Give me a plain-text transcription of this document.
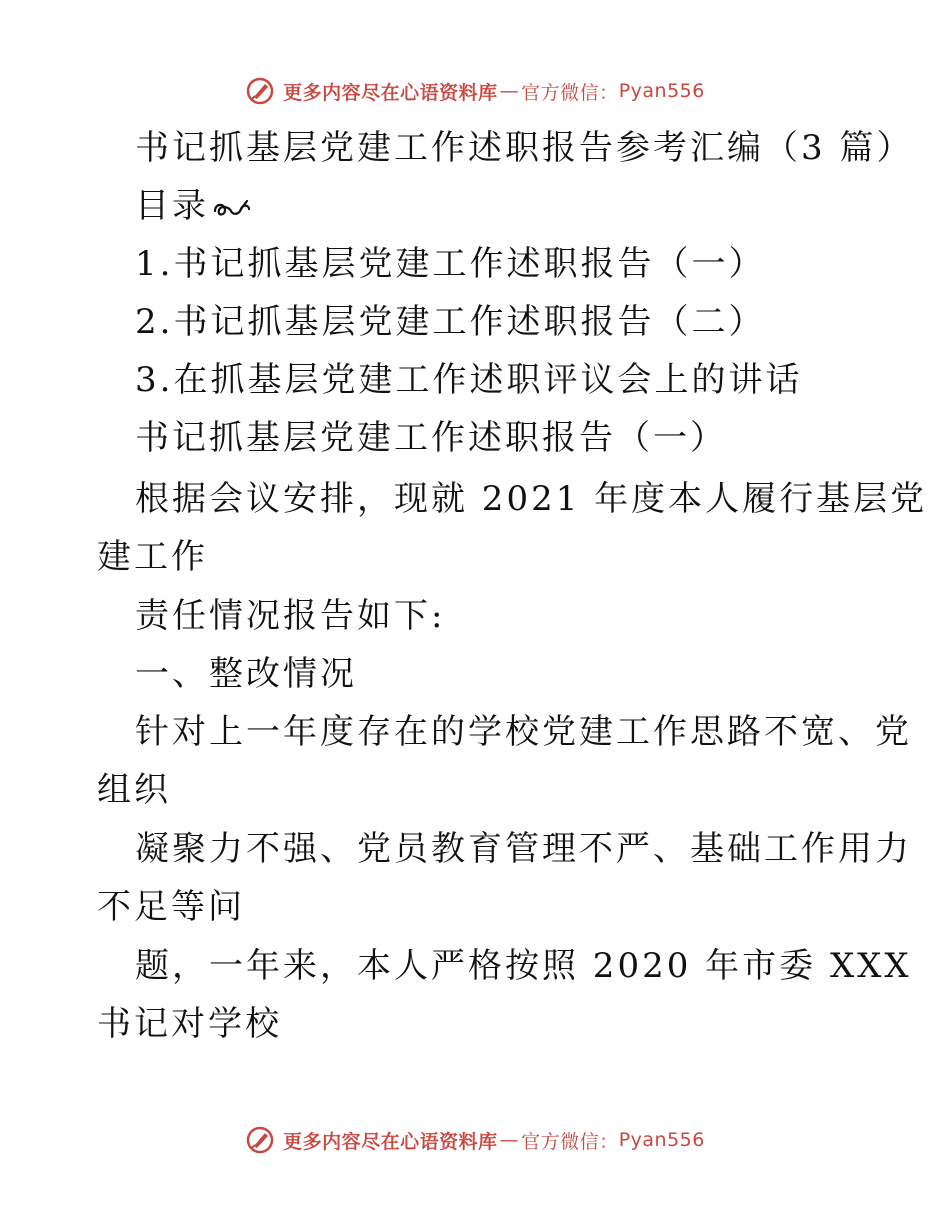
更多内容尽在心语资料库 — 官方微信： Pyan556
书记抓基层党建工作述职报告参考汇编（3 篇）
目录
1.书记抓基层党建工作述职报告（一）
2.书记抓基层党建工作述职报告（二）
3.在抓基层党建工作述职评议会上的讲话
书记抓基层党建工作述职报告（一）
根据会议安排，现就 2021 年度本人履行基层党
建工作
责任情况报告如下:
一、整改情况
针对上一年度存在的学校党建工作思路不宽、党
组织
凝聚力不强、党员教育管理不严、基础工作用力
不足等问
题，一年来，本人严格按照 2020 年市委 XXX
书记对学校
更多内容尽在心语资料库 — 官方微信： Pyan556
